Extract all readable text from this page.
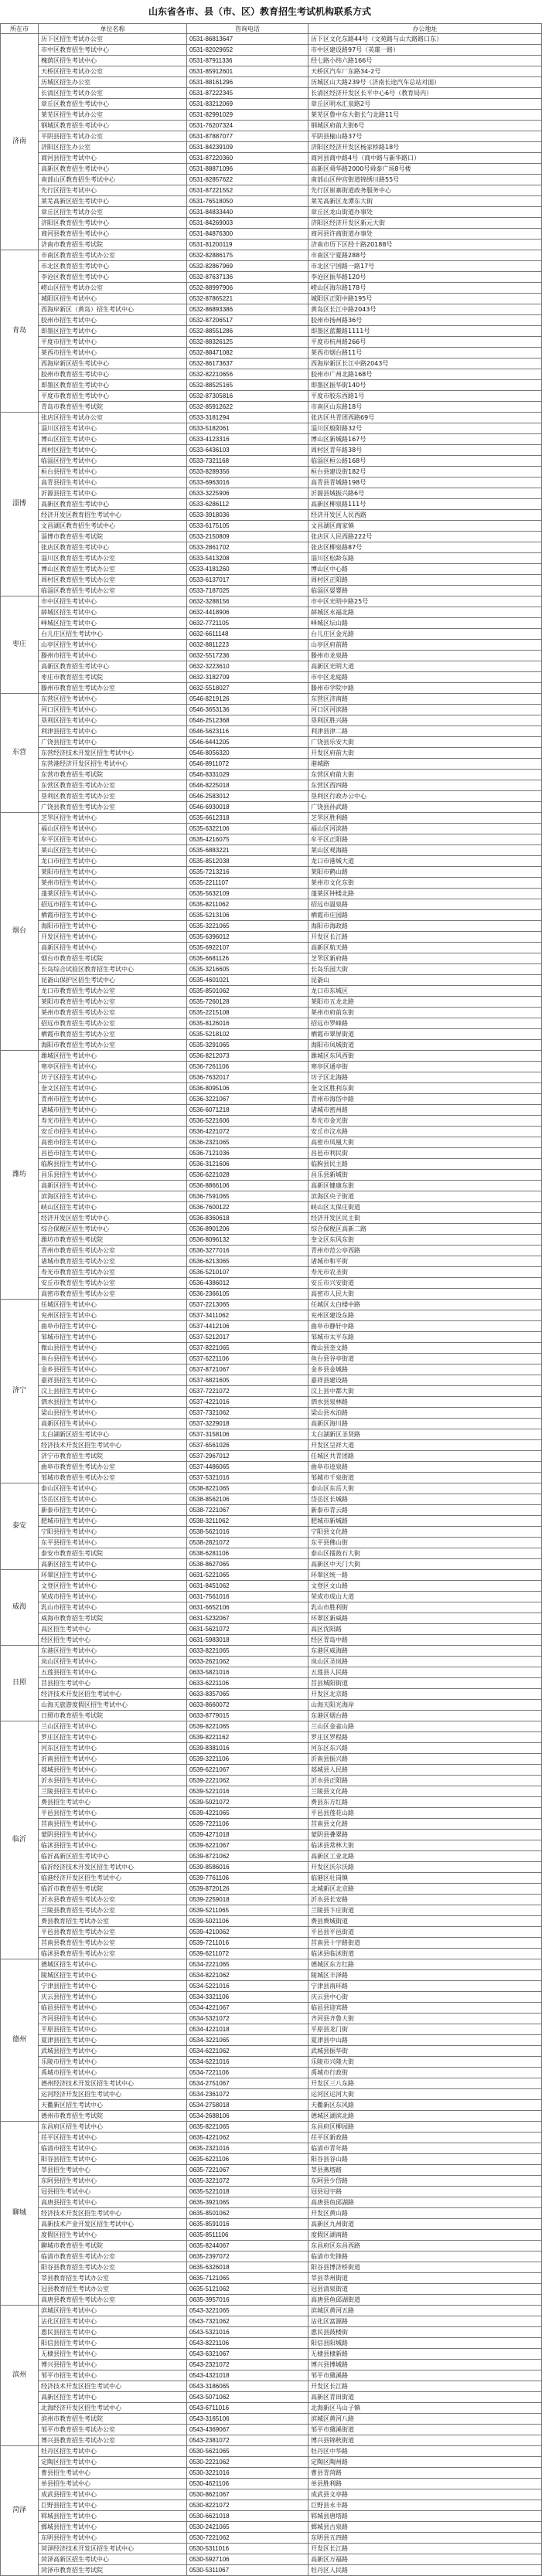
山东省各市、县（市、区）教育招生考试机构联系方式
所在市	单位名称	咨询电话	办公地址
济南	历下区招生考试办公室	0531-86813647	历下区文化东路44号（文苑路与山大路路口东）
	市中区教育招生考试中心	0531-82029652	市中区建设路97号（英雄一路）
	槐荫区招生考试中心	0531-87911336	经七路小纬六路166号
	天桥区招生考试办公室	0531-85912601	天桥区汽车厂东路34-2号
	历城区招生办公室	0531-88161296	历城区山大路239号（济南长途汽车总站对面）
	长清区招生考试办公室	0531-87222345	长清区经济开发区长平中心6号（教育局内）
	章丘区教育招生考试中心	0531-83212069	章丘区明水汇泉路2号
	莱芜区招生考试办公室	0531-82991029	莱芜区鲁中东大街长勺北路11号
	钢城区教育招生考试中心	0531-76207324	钢城区府前大街6号
	平阴县招生考试办公室	0531-87887077	平阴县榆山路37号
	济阳区招生办公室	0531-84239109	济阳区经济开发区杨家桥路18号
	商河县招生考试中心	0531-87220360	商河县商中路4号（商中路与新华路口）
	高新区教育招生考试中心	0531-88871096	高新区舜华路2000号舜泰广场8号楼
	南部山区教育招生考试中心	0531-82857622	南部山区仲宫街道锦绣川路55号
	先行区招生考试中心	0531-87221552	先行区崔寨街道政务服务中心
	莱芜高新区招生考试中心	0531-76518050	莱芜高新区龙潭东大街
	章丘区招生考试办公室	0531-84833440	章丘区龙山街道办事处
	济阳区教育招生考试中心	0531-84269003	济阳区经济开发区新元大街
	商河县教育招生考试中心	0531-84876300	商河县许商街道办事处
	济南市教育招生考试院	0531-81200119	济南市历下区经十路20188号
青岛	市南区教育招生考试办公室	0532-82886175	市南区宁夏路288号
	市北区教育招生考试中心	0532-82867969	市北区宁国路一路17号
	李沧区教育招生考试中心	0532-87637136	李沧区振华路120号
	崂山区招生考试办公室	0532-88997906	崂山区海尔路178号
	城阳区招生考试中心	0532-87865221	城阳区正阳中路195号
	西海岸新区（黄岛）招生考试中心	0532-86893386	黄岛区长江中路2043号
	胶州市招生考试中心	0532-87206517	胶州市扬州路36号
	即墨区招生考试中心	0532-88551286	即墨区蓝鳌路1111号
	平度市招生考试中心	0532-88326125	平度市杭州路266号
	莱西市招生考试中心	0532-88471082	莱西市烟台路11号
	西海岸新区招生考试中心	0532-86173637	西海岸新区长江中路2043号
	胶州市教育招生考试中心	0532-82210656	胶州市广州北路168号
	即墨区教育招生考试中心	0532-88525165	即墨区振华街140号
	平度市教育招生考试中心	0532-87305816	平度市胶东西路1号
	青岛市教育招生考试院	0532-85912622	市南区山东路18号
淄博	张店区招生考试办公室	0533-3181294	张店区共青团西路69号
	淄川区招生考试中心	0533-5182061	淄川区般阳路32号
	博山区招生考试中心	0533-4123316	博山区新城路167号
	周村区招生考试中心	0533-6436103	周村区青年路38号
	临淄区招生考试中心	0533-7321168	临淄区桓公路168号
	桓台县招生考试中心	0533-8289356	桓台县建设街182号
	高青县招生考试中心	0533-6963016	高青县青城路198号
	沂源县招生考试中心	0533-3225906	沂源县城振兴路6号
	高新区教育招生考试中心	0533-6286112	高新区柳泉路111号
	经济开发区教育招生考试中心	0533-3918036	经济开发区人民西路
	文昌湖区教育招生考试中心	0533-6175105	文昌湖区商家镇
	淄博市教育招生考试院	0533-2150809	张店区人民西路222号
	张店区教育招生考试中心	0533-2861702	张店区柳泉路87号
	淄川区教育招生考试办公室	0533-5413208	淄川区松龄东路
	博山区教育招生考试办公室	0533-4181260	博山区中心路
	周村区教育招生考试办公室	0533-6137017	周村区正阳路
	临淄区教育招生考试办公室	0533-7187025	临淄区晏婴路
枣庄	市中区招生考试中心	0632-3288156	市中区光明中路25号
	薛城区招生考试中心	0632-4418906	薛城区永福北路
	峄城区招生考试中心	0632-7721105	峄城区坛山路
	台儿庄区招生考试中心	0632-6611148	台儿庄区金光路
	山亭区招生考试中心	0632-8811223	山亭区府前路
	滕州市招生考试中心	0632-5517236	滕州市龙泉路
	高新区教育招生考试中心	0632-3223610	高新区光明大道
	枣庄市教育招生考试院	0632-3182709	市中区龙庭路
	滕州市教育招生考试办公室	0632-5518027	滕州市学院中路
东营	东营区招生考试中心	0546-8219126	东营区济南路
	河口区招生考试中心	0546-3653136	河口区河滨路
	垦利区招生考试中心	0546-2512368	垦利区胜兴路
	利津县招生考试中心	0546-5623116	利津县津二路
	广饶县招生考试中心	0546-6441205	广饶县乐安大街
	东营经济技术开发区招生考试中心	0546-8056320	开发区府前大街
	东营港经济开发区招生考试中心	0546-8911072	港城路
	东营市教育招生考试院	0546-8331029	东营区府前大街
	东营区教育招生考试办公室	0546-8225018	东营区西四路
	垦利区教育招生考试办公室	0546-2583012	垦利区行政办公中心
	广饶县教育招生考试办公室	0546-6930018	广饶县孙武路
烟台	芝罘区招生考试中心	0535-6612318	芝罘区胜利路
	福山区招生考试中心	0535-6322106	福山区河滨路
	牟平区招生考试中心	0535-4216075	牟平区正阳路
	莱山区招生考试中心	0535-6883221	莱山区观海路
	龙口市招生考试中心	0535-8512038	龙口市港城大道
	莱阳市招生考试中心	0535-7213216	莱阳市鹤山路
	莱州市招生考试中心	0535-2211107	莱州市文化东街
	蓬莱区招生考试中心	0535-5632109	蓬莱区钟楼北路
	招远市招生考试中心	0535-8211062	招远市温泉路
	栖霞市招生考试中心	0535-5213106	栖霞市庄园路
	海阳市招生考试中心	0535-3221065	海阳市海政路
	开发区招生考试中心	0535-6396012	开发区长江路
	高新区招生考试中心	0535-6922107	高新区航天路
	烟台市教育招生考试院	0535-6681126	芝罘区新府路
	长岛综合试验区教育招生考试中心	0535-3216605	长岛乐园大街
	昆嵛山保护区招生考试中心	0535-4601021	昆嵛山
	龙口市教育招生考试办公室	0535-8501062	龙口市东城区
	莱阳市教育招生考试办公室	0535-7260128	莱阳市五龙北路
	莱州市教育招生考试办公室	0535-2215108	莱州市府前东街
	招远市教育招生考试办公室	0535-8126016	招远市罗峰路
	栖霞市教育招生考试办公室	0535-5218102	栖霞市翠屏街道
	海阳市教育招生考试办公室	0535-3291065	海阳市凤城街道
潍坊	潍城区招生考试中心	0536-8212073	潍城区东风西街
	寒亭区招生考试中心	0536-7261106	寒亭区通亭街
	坊子区招生考试中心	0536-7632017	坊子区北海路
	奎文区招生考试中心	0536-8095106	奎文区胜利东街
	青州市招生考试中心	0536-3221067	青州市海岱中路
	诸城市招生考试中心	0536-6071218	诸城市密州路
	寿光市招生考试中心	0536-5221606	寿光市金光街
	安丘市招生考试中心	0536-4221072	安丘市汶水路
	高密市招生考试中心	0536-2321065	高密市凤凰大街
	昌邑市招生考试中心	0536-7121036	昌邑市利民街
	临朐县招生考试中心	0536-3121606	临朐县民主路
	昌乐县招生考试中心	0536-6221028	昌乐县新城街
	高新区招生考试中心	0536-8866106	高新区健康东街
	滨海区招生考试中心	0536-7591065	滨海区央子街道
	峡山区招生考试中心	0536-7600122	峡山区太保庄街道
	经济开发区招生考试中心	0536-8360618	经济开发区民主街
	综合保税区招生考试中心	0536-8901206	综合保税区高新二路
	潍坊市教育招生考试院	0536-8096132	奎文区东风东街
	青州市教育招生考试办公室	0536-3277016	青州市范公亭西路
	诸城市教育招生考试办公室	0536-6213065	诸城市和平街
	寿光市教育招生考试办公室	0536-5210107	寿光市农圣街
	安丘市教育招生考试办公室	0536-4386012	安丘市兴安街道
	高密市教育招生考试办公室	0536-2366105	高密市人民大街
济宁	任城区招生考试中心	0537-2213065	任城区太白楼中路
	兖州区招生考试中心	0537-3411062	兖州区建设东路
	曲阜市招生考试中心	0537-4412106	曲阜市静轩中路
	邹城市招生考试中心	0537-5212017	邹城市太平东路
	微山县招生考试中心	0537-8221065	微山县奎文路
	鱼台县招生考试中心	0537-6221106	鱼台县谷亭街道
	金乡县招生考试中心	0537-8721067	金乡县金城路
	嘉祥县招生考试中心	0537-6821605	嘉祥县建设路
	汶上县招生考试中心	0537-7221072	汶上县中都大街
	泗水县招生考试中心	0537-4221016	泗水县泉林路
	梁山县招生考试中心	0537-7321062	梁山县水泊路
	高新区招生考试中心	0537-3229018	高新区海川路
	太白湖新区招生考试中心	0537-3158106	太白湖新区圣贤路
	经济技术开发区招生考试中心	0537-6561026	开发区呈祥大道
	济宁市教育招生考试院	0537-2967012	任城区共青团路
	曲阜市教育招生考试办公室	0537-4486065	曲阜市逵泉路
	邹城市教育招生考试办公室	0537-5321016	邹城市千泉街道
泰安	泰山区招生考试中心	0538-8221065	泰山区东岳大街
	岱岳区招生考试中心	0538-8562106	岱岳区长城路
	新泰市招生考试中心	0538-7221067	新泰市青云路
	肥城市招生考试中心	0538-3211062	肥城市新城路
	宁阳县招生考试中心	0538-5621016	宁阳县文化路
	东平县招生考试中心	0538-2821072	东平县佛山街
	泰安市教育招生考试院	0538-6281106	泰山区擂鼓石大街
	高新区招生考试中心	0538-8627065	高新区中天门大街
威海	环翠区招生考试中心	0631-5221065	环翠区统一路
	文登区招生考试中心	0631-8451062	文登区文山路
	荣成市招生考试中心	0631-7561016	荣成市成山大道
	乳山市招生考试中心	0631-6652106	乳山市胜利街
	威海市教育招生考试院	0631-5232067	环翠区新威路
	高区招生考试中心	0631-5621072	高区沈阳路
	经区招生考试中心	0631-5983018	经区青岛中路
日照	东港区招生考试中心	0633-8221065	东港区威海路
	岚山区招生考试中心	0633-2621062	岚山区圣岚路
	五莲县招生考试中心	0633-5821016	五莲县人民路
	莒县招生考试中心	0633-6221106	莒县城阳街道
	经济技术开发区招生考试中心	0633-8357065	开发区北京路
	山海天旅游度假区招生考试中心	0633-8660072	山海天阳光海岸
	日照市教育招生考试院	0633-8779015	东港区烟台路
临沂	兰山区招生考试中心	0539-8221065	兰山区金雀山路
	罗庄区招生考试中心	0539-8221162	罗庄区罗程路
	河东区招生考试中心	0539-8381016	河东区东兴路
	沂南县招生考试中心	0539-3221106	沂南县振兴路
	郯城县招生考试中心	0539-6221067	郯城县人民路
	沂水县招生考试中心	0539-2221062	沂水县正阳路
	兰陵县招生考试中心	0539-5221016	兰陵县文化路
	费县招生考试中心	0539-5021072	费县东方红路
	平邑县招生考试中心	0539-4221065	平邑县莲花山路
	莒南县招生考试中心	0539-7221106	莒南县文化路
	蒙阴县招生考试中心	0539-4271018	蒙阴县叠翠路
	临沭县招生考试中心	0539-6221067	临沭县常林大街
	临沂高新区招生考试中心	0539-8721062	高新区工业北路
	临沂经济技术开发区招生考试中心	0539-8586016	开发区沃尔沃路
	临港经济开发区招生考试中心	0539-7761106	临港区壮岗镇
	临沂市教育招生考试院	0539-8720126	北城新区北京路
	沂水县教育招生考试办公室	0539-2259018	沂水县长安路
	兰陵县教育招生考试办公室	0539-5211065	兰陵县卞庄街道
	费县教育招生考试办公室	0539-5021106	费县费城街道
	平邑县教育招生考试办公室	0539-4210062	平邑县平邑街道
	莒南县教育招生考试办公室	0539-7211016	莒南县十字路街道
	临沭县教育招生考试办公室	0539-6211072	临沭县临沭街道
德州	德城区招生考试中心	0534-2221065	德城区东方红路
	陵城区招生考试中心	0534-8221062	陵城区丰泽路
	宁津县招生考试中心	0534-5221016	宁津县南环路
	庆云县招生考试中心	0534-3321106	庆云县中心街
	临邑县招生考试中心	0534-4221067	临邑县迎宾路
	齐河县招生考试中心	0534-5321072	齐河县齐鲁大街
	平原县招生考试中心	0534-4221018	平原县龙门街
	夏津县招生考试中心	0534-3221065	夏津县中山路
	武城县招生考试中心	0534-6221062	武城县振华街
	乐陵市招生考试中心	0534-6221016	乐陵市兴隆大街
	禹城市招生考试中心	0534-7221106	禹城市行政街
	德州经济技术开发区招生考试中心	0534-2751067	开发区三八东路
	运河经济开发区招生考试中心	0534-2361072	运河区运河大街
	天衢新区招生考试中心	0534-2758018	天衢新区东风路
	德州市教育招生考试院	0534-2688106	德城区湖滨北路
聊城	东昌府区招生考试中心	0635-8221065	东昌府区柳园路
	茌平区招生考试中心	0635-4221062	茌平区新政路
	临清市招生考试中心	0635-2321016	临清市青年路
	阳谷县招生考试中心	0635-6221106	阳谷县谷山路
	莘县招生考试中心	0635-7221067	莘县燕塔路
	东阿县招生考试中心	0635-3221072	东阿县少岱路
	冠县招生考试中心	0635-5221018	冠县冠宇路
	高唐县招生考试中心	0635-3921065	高唐县鱼邱湖路
	经济技术开发区招生考试中心	0635-8501062	开发区黄山路
	高新技术产业开发区招生考试中心	0635-8591016	高新区九州街道
	度假区招生考试中心	0635-8511106	度假区湖南路
	聊城市教育招生考试院	0635-8244067	东昌府区东昌西路
	临清市教育招生考试办公室	0635-2397072	临清市先锋路
	阳谷县教育招生考试办公室	0635-6326018	阳谷县博济桥街道
	莘县教育招生考试办公室	0635-7121065	莘县莘州街道
	冠县教育招生考试办公室	0635-5121062	冠县清泉街道
	高唐县教育招生考试办公室	0635-3957016	高唐县鱼邱湖街道
滨州	滨城区招生考试中心	0543-3221065	滨城区黄河五路
	沾化区招生考试中心	0543-7321062	沾化区富源路
	惠民县招生考试中心	0543-5321016	惠民县鼓楼街
	阳信县招生考试中心	0543-8221106	阳信县阳城路
	无棣县招生考试中心	0543-6321067	无棣县棣新路
	博兴县招生考试中心	0543-2321072	博兴县博城路
	邹平市招生考试中心	0543-4321018	邹平市黛溪路
	经济技术开发区招生考试中心	0543-3186065	开发区长江路
	高新区招生考试中心	0543-5071062	高新区青田街道
	北海经济开发区招生考试中心	0543-6711016	北海新区马山子镇
	滨州市教育招生考试院	0543-3165106	滨城区黄河八路
	邹平市教育招生考试办公室	0543-4369067	邹平市黛溪街道
	博兴县教育招生考试办公室	0543-2381072	博兴县锦秋街道
菏泽	牡丹区招生考试中心	0530-5621065	牡丹区中华路
	定陶区招生考试中心	0530-2221062	定陶区陶州路
	曹县招生考试中心	0530-3221016	曹县青菏路
	单县招生考试中心	0530-4621106	单县胜利路
	成武县招生考试中心	0530-8621067	成武县文亭路
	巨野县招生考试中心	0530-8221072	巨野县永丰路
	郓城县招生考试中心	0530-6621018	郓城县唐塔路
	鄄城县招生考试中心	0530-2421065	鄄城县古泉路
	东明县招生考试中心	0530-7221062	东明县五四路
	菏泽经济技术开发区招生考试中心	0530-5311016	开发区长江路
	菏泽高新区招生考试中心	0530-5927106	高新区万福路
	菏泽市教育招生考试院	0530-5311067	牡丹区人民路
